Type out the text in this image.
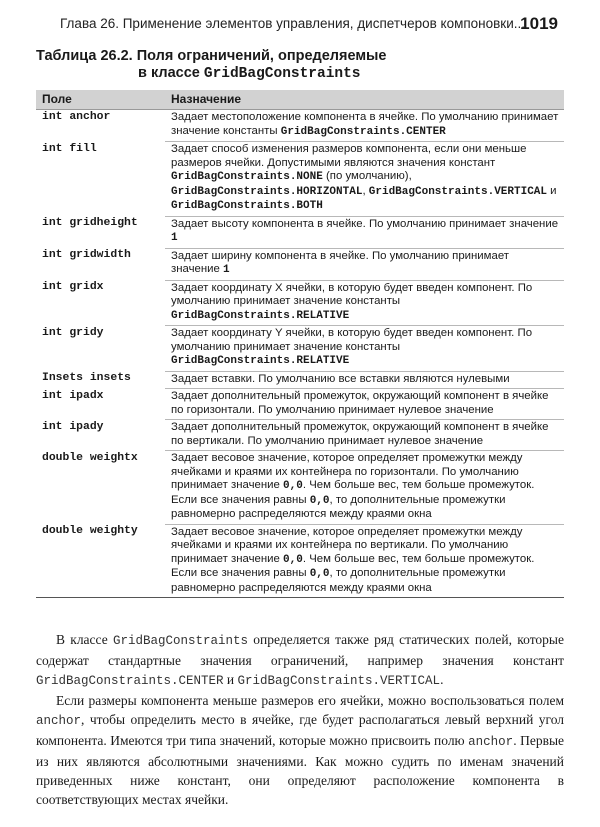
Глава 26. Применение элементов управления, диспетчеров компоновки...
1019
Таблица 26.2. Поля ограничений, определяемые
в классе GridBagConstraints
Поле	Назначение
int anchor	Задает местоположение компонента в ячейке. По умолчанию принимает значение константы GridBagConstraints.CENTER
int fill	Задает способ изменения размеров компонента, если они меньше размеров ячейки. Допустимыми являются значения констант GridBagConstraints.NONE (по умолчанию), GridBagConstraints.HORIZONTAL, GridBagConstraints.VERTICAL и GridBagConstraints.BOTH
int gridheight	Задает высоту компонента в ячейке. По умолчанию принимает значение 1
int gridwidth	Задает ширину компонента в ячейке. По умолчанию принимает значение 1
int gridx	Задает координату X ячейки, в которую будет введен компонент. По умолчанию принимает значение константы GridBagConstraints.RELATIVE
int gridy	Задает координату Y ячейки, в которую будет введен компонент. По умолчанию принимает значение константы GridBagConstraints.RELATIVE
Insets insets	Задает вставки. По умолчанию все вставки являются нулевыми
int ipadx	Задает дополнительный промежуток, окружающий компонент в ячейке по горизонтали. По умолчанию принимает нулевое значение
int ipady	Задает дополнительный промежуток, окружающий компонент в ячейке по вертикали. По умолчанию принимает нулевое значение
double weightx	Задает весовое значение, которое определяет промежутки между ячейками и краями их контейнера по горизонтали. По умолчанию принимает значение 0,0. Чем больше вес, тем больше промежуток. Если все значения равны 0,0, то дополнительные промежутки равномерно распределяются между краями окна
double weighty	Задает весовое значение, которое определяет промежутки между ячейками и краями их контейнера по вертикали. По умолчанию принимает значение 0,0. Чем больше вес, тем больше промежуток. Если все значения равны 0,0, то дополнительные промежутки равномерно распределяются между краями окна

В классе GridBagConstraints определяется также ряд статических полей, которые содержат стандартные значения ограничений, например значения констант GridBagConstraints.CENTER и GridBagConstraints.VERTICAL.

Если размеры компонента меньше размеров его ячейки, можно воспользоваться полем anchor, чтобы определить место в ячейке, где будет располагаться левый верхний угол компонента. Имеются три типа значений, которые можно присвоить полю anchor. Первые из них являются абсолютными значениями. Как можно судить по именам значений приведенных ниже констант, они определяют расположение компонента в соответствующих местах ячейки.
